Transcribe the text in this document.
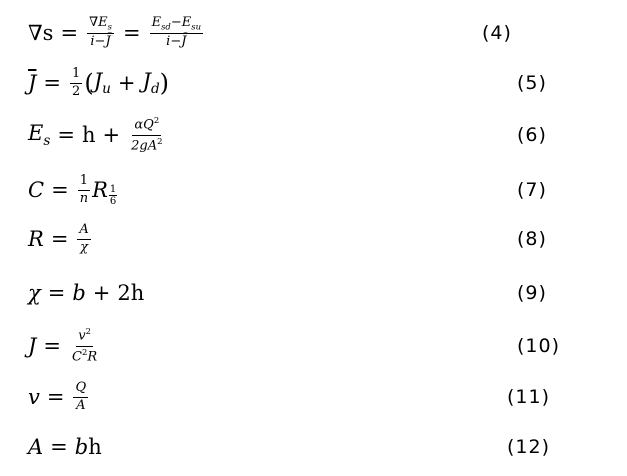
$\nabla s = \frac{\nabla E_s}{i-J̄} = \frac{E_{sd}-E_{su}}{i-J̄}$	(4)
$\overline{J} = \frac{1}{2}$ ( $J_u + J_d$ )	(5)
$E_s = h + \frac{\alpha Q^2}{2gA^2}$	(6)
$C = \frac{1}{n}$ R $\frac{1}{6}$	(7)
$R = \frac{A}{\chi}$	(8)
χ = b + 2h	(9)
$J = \frac{v^2}{C^2R}$	(10)
$v = \frac{Q}{A}$	(11)
A = b h	(12)
